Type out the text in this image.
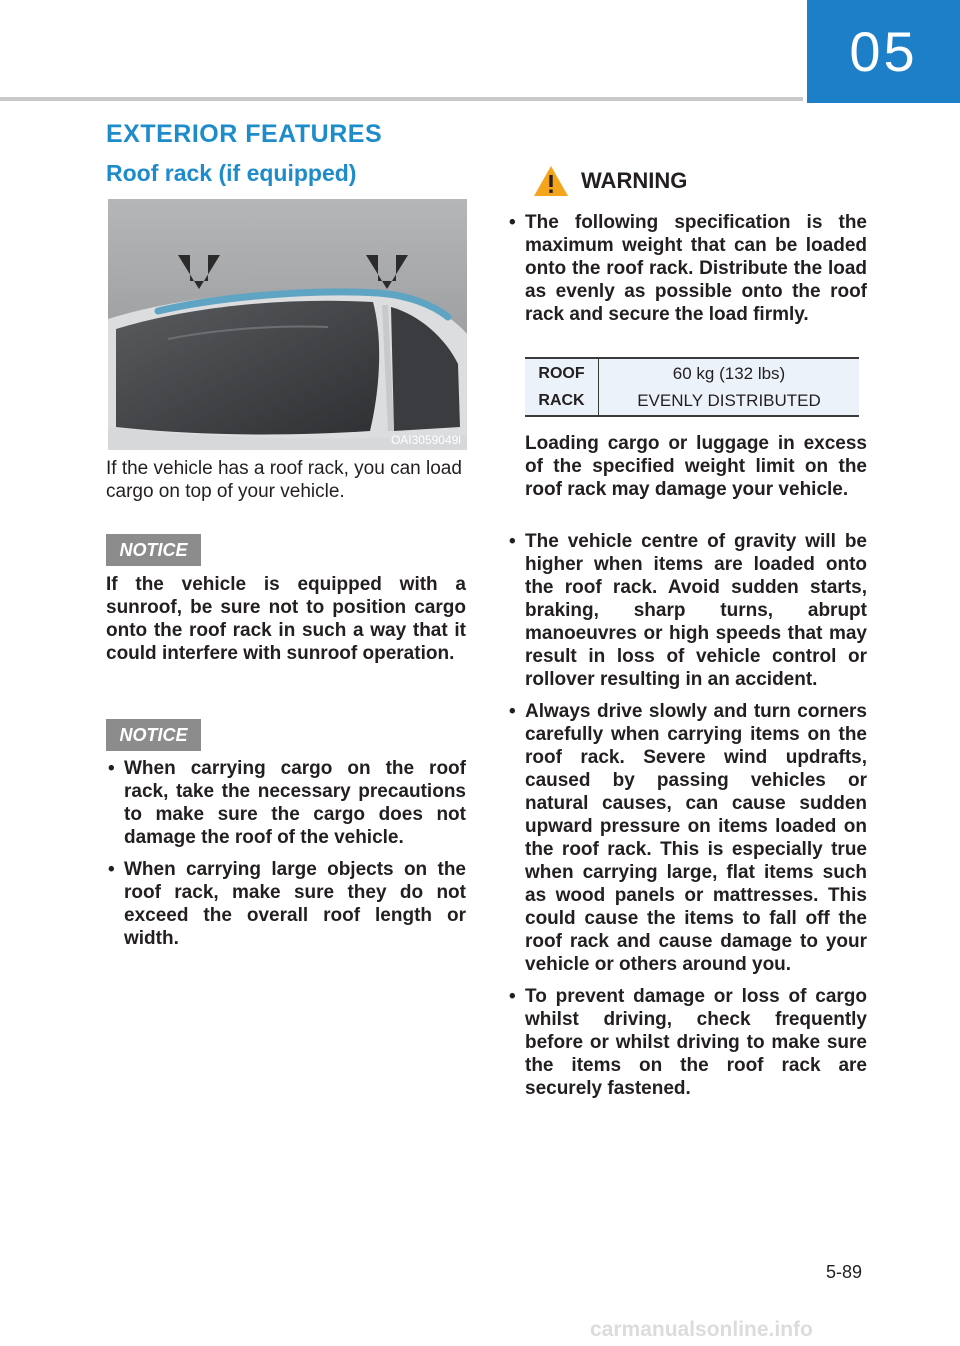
05
EXTERIOR FEATURES
Roof rack (if equipped)
OAI3059049l

If the vehicle has a roof rack, you can load cargo on top of your vehicle.

NOTICE

If the vehicle is equipped with a sunroof, be sure not to position cargo onto the roof rack in such a way that it could interfere with sunroof operation.

NOTICE
• When carrying cargo on the roof rack, take the necessary precautions to make sure the cargo does not damage the roof of the vehicle.
• When carrying large objects on the roof rack, make sure they do not exceed the overall roof length or width.
WARNING
• The following specification is the maximum weight that can be loaded onto the roof rack. Distribute the load as evenly as possible onto the roof rack and secure the load firmly.
ROOF
RACK
60 kg (132 lbs)
EVENLY DISTRIBUTED

Loading cargo or luggage in excess of the specified weight limit on the roof rack may damage your vehicle.

• The vehicle centre of gravity will be higher when items are loaded onto the roof rack. Avoid sudden starts, braking, sharp turns, abrupt manoeuvres or high speeds that may result in loss of vehicle control or rollover resulting in an accident.
• Always drive slowly and turn corners carefully when carrying items on the roof rack. Severe wind updrafts, caused by passing vehicles or natural causes, can cause sudden upward pressure on items loaded on the roof rack. This is especially true when carrying large, flat items such as wood panels or mattresses. This could cause the items to fall off the roof rack and cause damage to your vehicle or others around you.
• To prevent damage or loss of cargo whilst driving, check frequently before or whilst driving to make sure the items on the roof rack are securely fastened.
5-89
carmanualsonline.info
